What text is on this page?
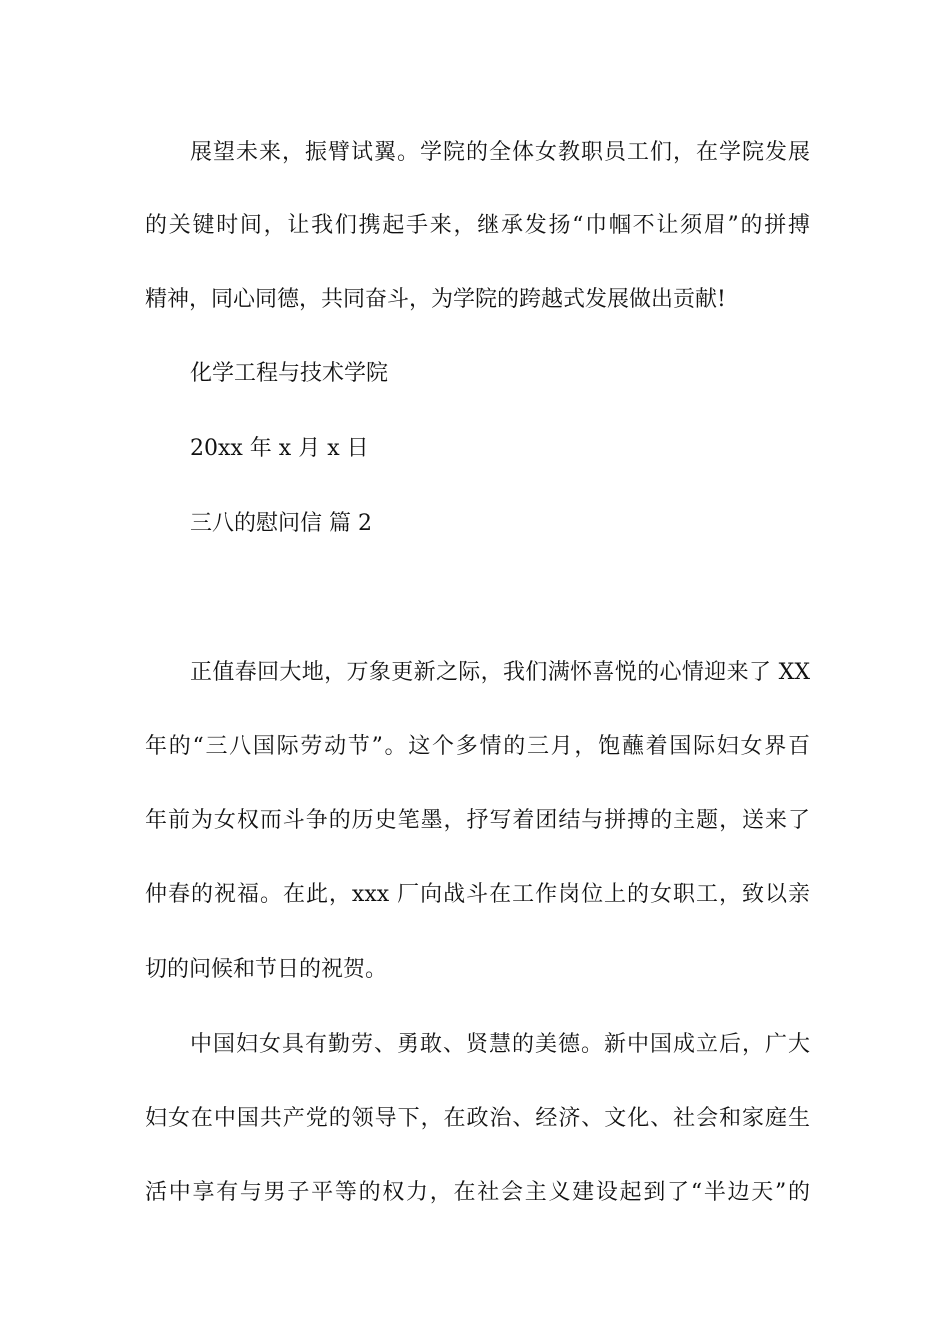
展望未来，振臂试翼。学院的全体女教职员工们，在学院发展
的关键时间，让我们携起手来，继承发扬“巾帼不让须眉”的拼搏
精神，同心同德，共同奋斗，为学院的跨越式发展做出贡献!
化学工程与技术学院
20xx 年 x 月 x 日
三八的慰问信 篇 2
正值春回大地，万象更新之际，我们满怀喜悦的心情迎来了 XX
年的“三八国际劳动节”。这个多情的三月，饱蘸着国际妇女界百
年前为女权而斗争的历史笔墨，抒写着团结与拼搏的主题，送来了
仲春的祝福。在此，xxx 厂向战斗在工作岗位上的女职工，致以亲
切的问候和节日的祝贺。
中国妇女具有勤劳、勇敢、贤慧的美德。新中国成立后，广大
妇女在中国共产党的领导下，在政治、经济、文化、社会和家庭生
活中享有与男子平等的权力，在社会主义建设起到了“半边天”的
